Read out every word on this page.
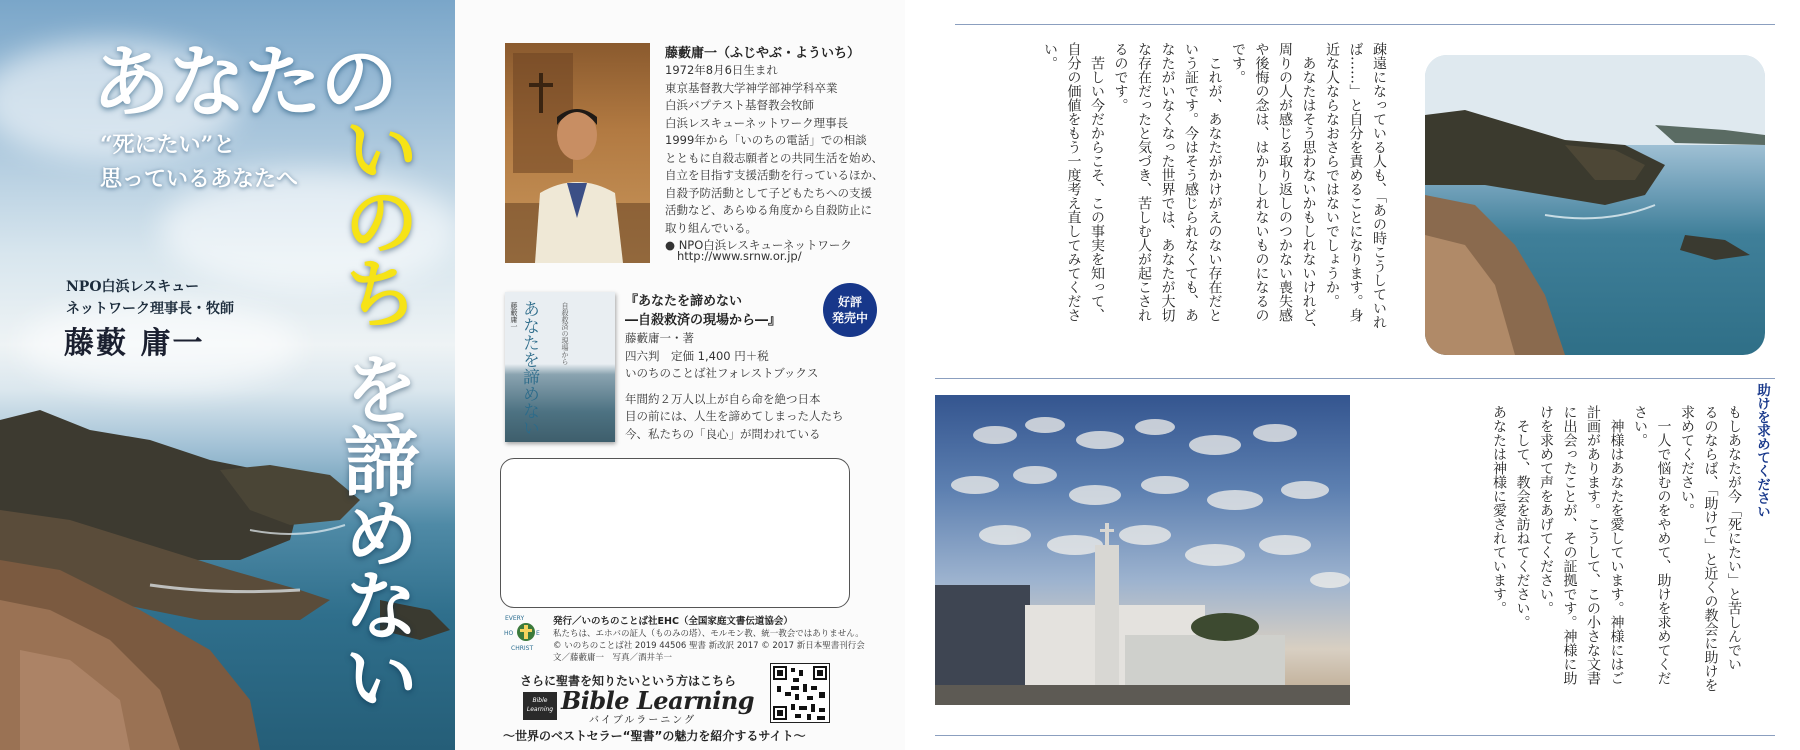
あなたの
“死にたい”と
思っているあなたへ いのち
を諦めない
NPO白浜レスキュー
ネットワーク理事長・牧師
藤藪 庸一
藤藪庸一（ふじやぶ・よういち）
1972年8月6日生まれ
東京基督教大学神学部神学科卒業
白浜バプテスト基督教会牧師
白浜レスキューネットワーク理事長
1999年から「いのちの電話」での相談
とともに自殺志願者との共同生活を始め、
自立を目指す支援活動を行っているほか、
自殺予防活動として子どもたちへの支援
活動など、あらゆる角度から自殺防止に
取り組んでいる。
● NPO白浜レスキューネットワーク
http://www.srnw.or.jp/
あなたを諦めない	自殺救済の現場から
藤藪庸一
『あなたを諦めない
―自殺救済の現場から―』
藤藪庸一・著
四六判　定価 1,400 円＋税
いのちのことば社フォレストブックス
年間約２万人以上が自ら命を絶つ日本
目の前には、人生を諦めてしまった人たち
今、私たちの「良心」が問われている
好評
発売中
EVERY
HO	E
CHRIST
発行／いのちのことば社EHC（全国家庭文書伝道協会）
私たちは、エホバの証人（ものみの塔）、モルモン教、統一教会ではありません。
© いのちのことば社 2019 44506 聖書 新改訳 2017 © 2017 新日本聖書刊行会
文／藤藪庸一　写真／酒井羊一
さらに聖書を知りたいという方はこちら
Bible Learning Bible Learning
バイブルラーニング
～世界のベストセラー“聖書”の魅力を紹介するサイト～
疎遠になっている人も、「あの時こうしていれ
ば……」と自分を責めることになります。身
近な人ならなおさらではないでしょうか。
　あなたはそう思わないかもしれないけれど、
周りの人が感じる取り返しのつかない喪失感
や後悔の念は、はかりしれないものになるの
です。
　これが、あなたがかけがえのない存在だと
いう証です。今はそう感じられなくても、あ
なたがいなくなった世界では、あなたが大切
な存在だったと気づき、苦しむ人が起こされ
るのです。
　苦しい今だからこそ、この事実を知って、
自分の価値をもう一度考え直してみてくださ
い。
助けを求めてください
もしあなたが今「死にたい」と苦しんでい
るのならば、「助けて」と近くの教会に助けを
求めてください。
　一人で悩むのをやめて、助けを求めてくだ
さい。
　神様はあなたを愛しています。神様にはご
計画があります。こうして、この小さな文書
に出会ったことが、その証拠です。神様に助
けを求めて声をあげてください。
　そして、教会を訪ねてください。
あなたは神様に愛されています。
